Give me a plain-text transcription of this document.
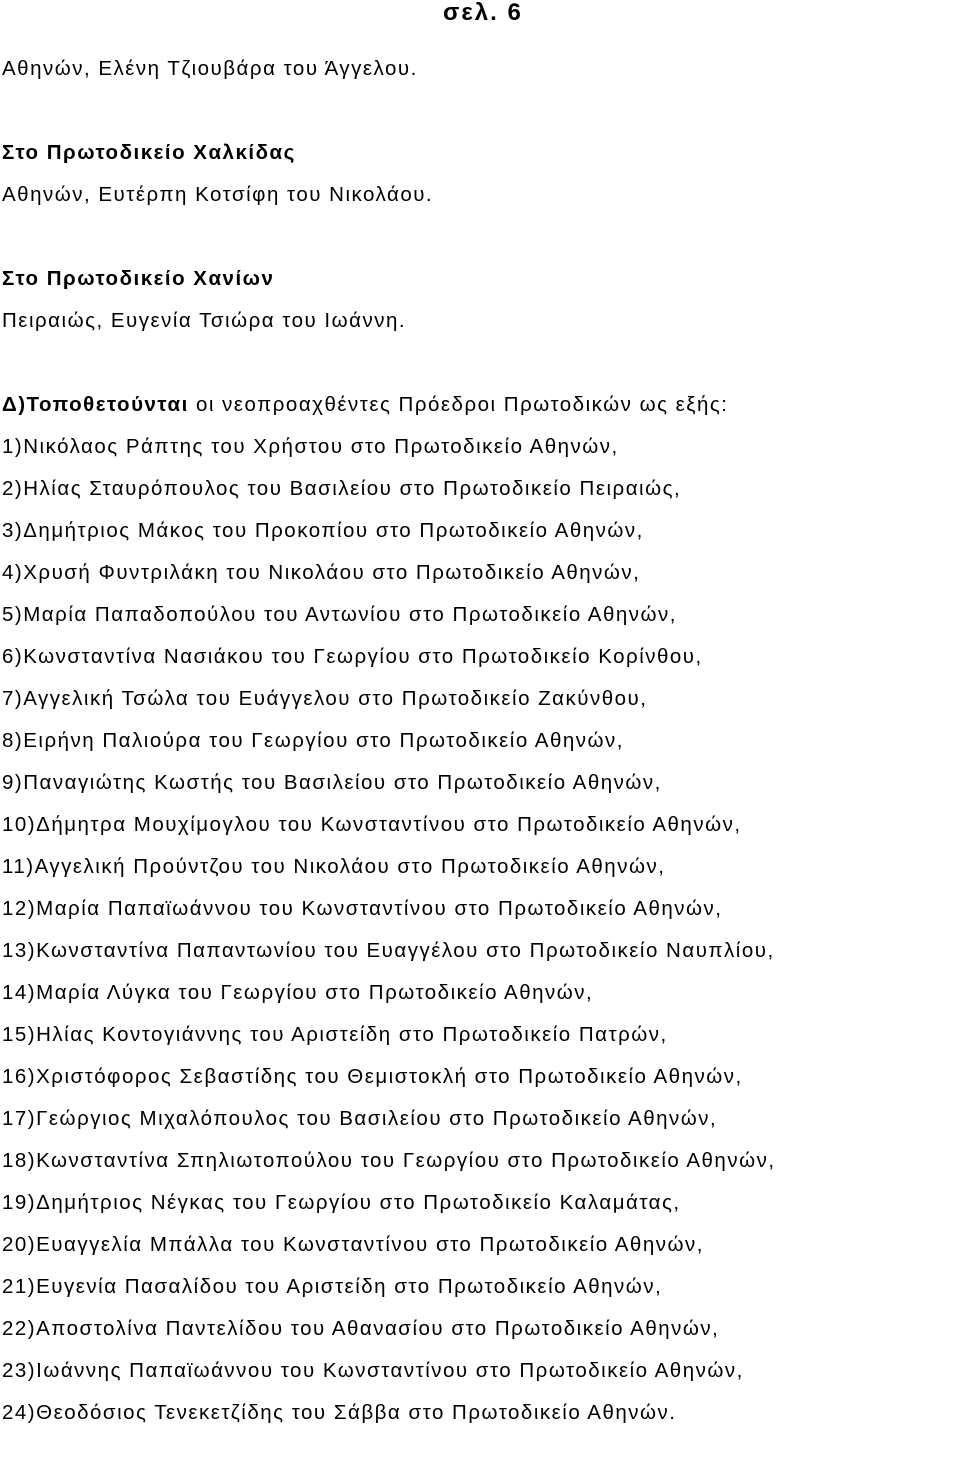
σελ. 6
Αθηνών, Ελένη Τζιουβάρα του Άγγελου.
Στο Πρωτοδικείο Χαλκίδας
Αθηνών, Ευτέρπη Κοτσίφη του Νικολάου.
Στο Πρωτοδικείο Χανίων
Πειραιώς, Ευγενία Τσιώρα του Ιωάννη.
Δ)Τοποθετούνται οι νεοπροαχθέντες Πρόεδροι Πρωτοδικών ως εξής:
1)Νικόλαος Ράπτης του Χρήστου στο Πρωτοδικείο Αθηνών,
2)Ηλίας Σταυρόπουλος του Βασιλείου στο Πρωτοδικείο Πειραιώς,
3)Δημήτριος Μάκος του Προκοπίου στο Πρωτοδικείο Αθηνών,
4)Χρυσή Φυντριλάκη του Νικολάου στο Πρωτοδικείο Αθηνών,
5)Μαρία Παπαδοπούλου του Αντωνίου στο Πρωτοδικείο Αθηνών,
6)Κωνσταντίνα Νασιάκου του Γεωργίου στο Πρωτοδικείο Κορίνθου,
7)Αγγελική Τσώλα του Ευάγγελου στο Πρωτοδικείο Ζακύνθου,
8)Ειρήνη Παλιούρα του Γεωργίου στο Πρωτοδικείο Αθηνών,
9)Παναγιώτης Κωστής του Βασιλείου στο Πρωτοδικείο Αθηνών,
10)Δήμητρα Μουχίμογλου του Κωνσταντίνου στο Πρωτοδικείο Αθηνών,
11)Αγγελική Προύντζου του Νικολάου στο Πρωτοδικείο Αθηνών,
12)Μαρία Παπαϊωάννου του Κωνσταντίνου στο Πρωτοδικείο Αθηνών,
13)Κωνσταντίνα Παπαντωνίου του Ευαγγέλου στο Πρωτοδικείο Ναυπλίου,
14)Μαρία Λύγκα του Γεωργίου στο Πρωτοδικείο Αθηνών,
15)Ηλίας Κοντογιάννης του Αριστείδη στο Πρωτοδικείο Πατρών,
16)Χριστόφορος Σεβαστίδης του Θεμιστοκλή στο Πρωτοδικείο Αθηνών,
17)Γεώργιος Μιχαλόπουλος του Βασιλείου στο Πρωτοδικείο Αθηνών,
18)Κωνσταντίνα Σπηλιωτοπούλου του Γεωργίου στο Πρωτοδικείο Αθηνών,
19)Δημήτριος Νέγκας του Γεωργίου στο Πρωτοδικείο Καλαμάτας,
20)Ευαγγελία Μπάλλα του Κωνσταντίνου στο Πρωτοδικείο Αθηνών,
21)Ευγενία Πασαλίδου του Αριστείδη στο Πρωτοδικείο Αθηνών,
22)Αποστολίνα Παντελίδου του Αθανασίου στο Πρωτοδικείο Αθηνών,
23)Ιωάννης Παπαϊωάννου του Κωνσταντίνου στο Πρωτοδικείο Αθηνών,
24)Θεοδόσιος Τενεκετζίδης του Σάββα στο Πρωτοδικείο Αθηνών.
